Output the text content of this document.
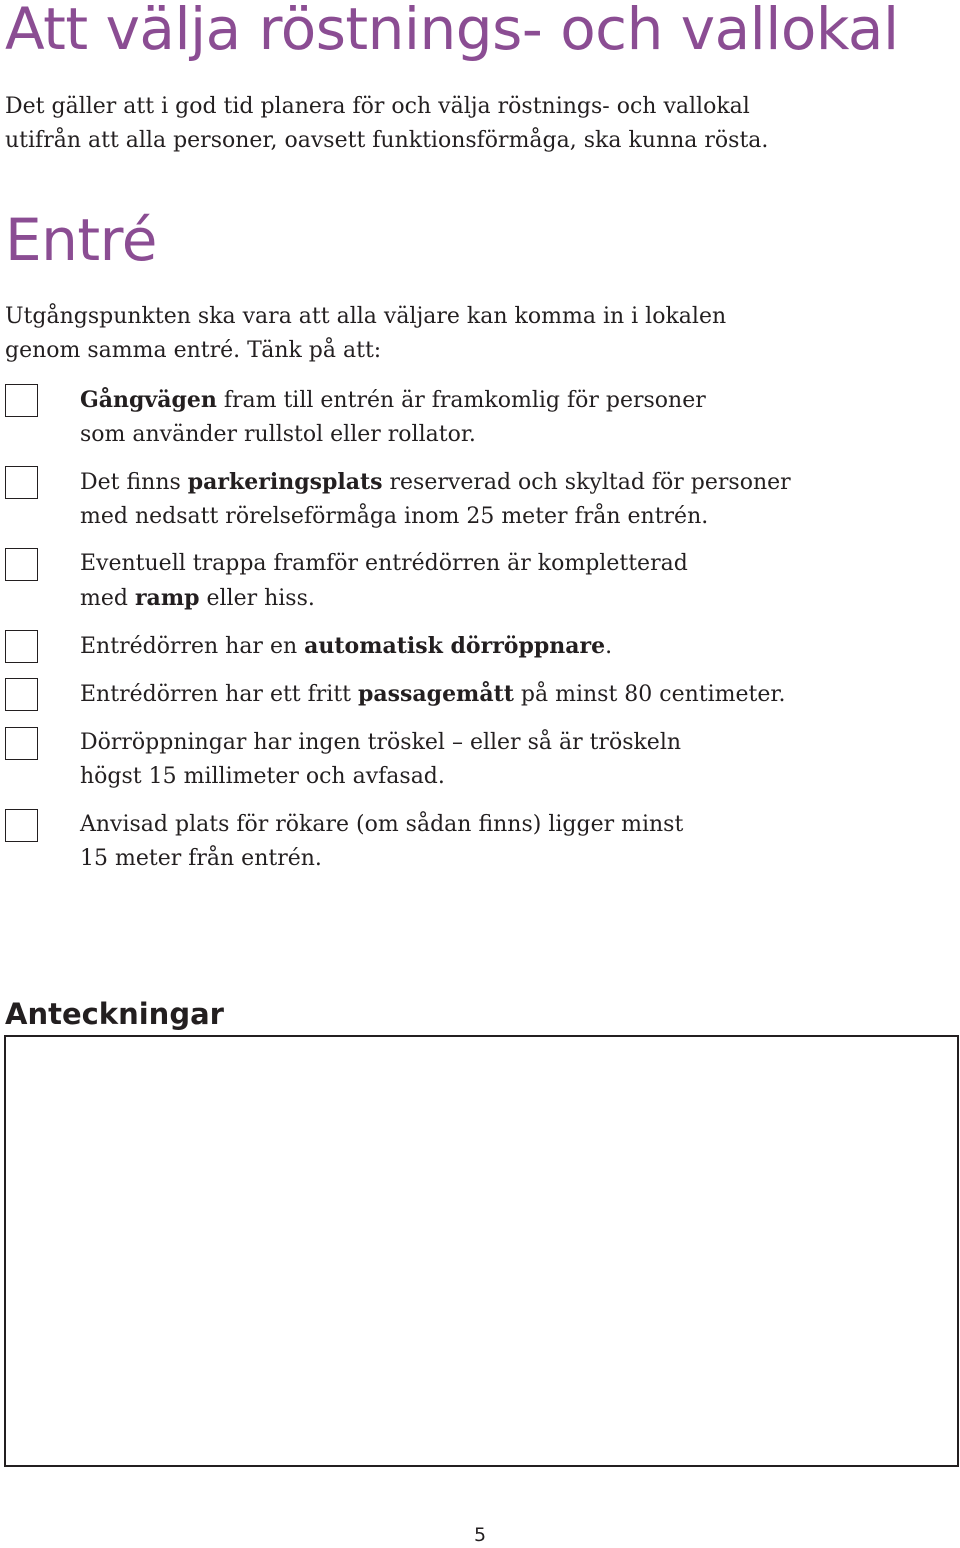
Att välja röstnings- och vallokal

Det gäller att i god tid planera för och välja röstnings- och vallokal
utifrån att alla personer, oavsett funktionsförmåga, ska kunna rösta.

Entré

Utgångspunkten ska vara att alla väljare kan komma in i lokalen
genom samma entré. Tänk på att:

Gångvägen fram till entrén är framkomlig för personer
som använder rullstol eller rollator.
Det finns parkeringsplats reserverad och skyltad för personer
med nedsatt rörelseförmåga inom 25 meter från entrén.
Eventuell trappa framför entrédörren är kompletterad
med ramp eller hiss.
Entrédörren har en automatisk dörröppnare.
Entrédörren har ett fritt passagemått på minst 80 centimeter.
Dörröppningar har ingen tröskel – eller så är tröskeln
högst 15 millimeter och avfasad.
Anvisad plats för rökare (om sådan finns) ligger minst
15 meter från entrén.
Anteckningar
5
